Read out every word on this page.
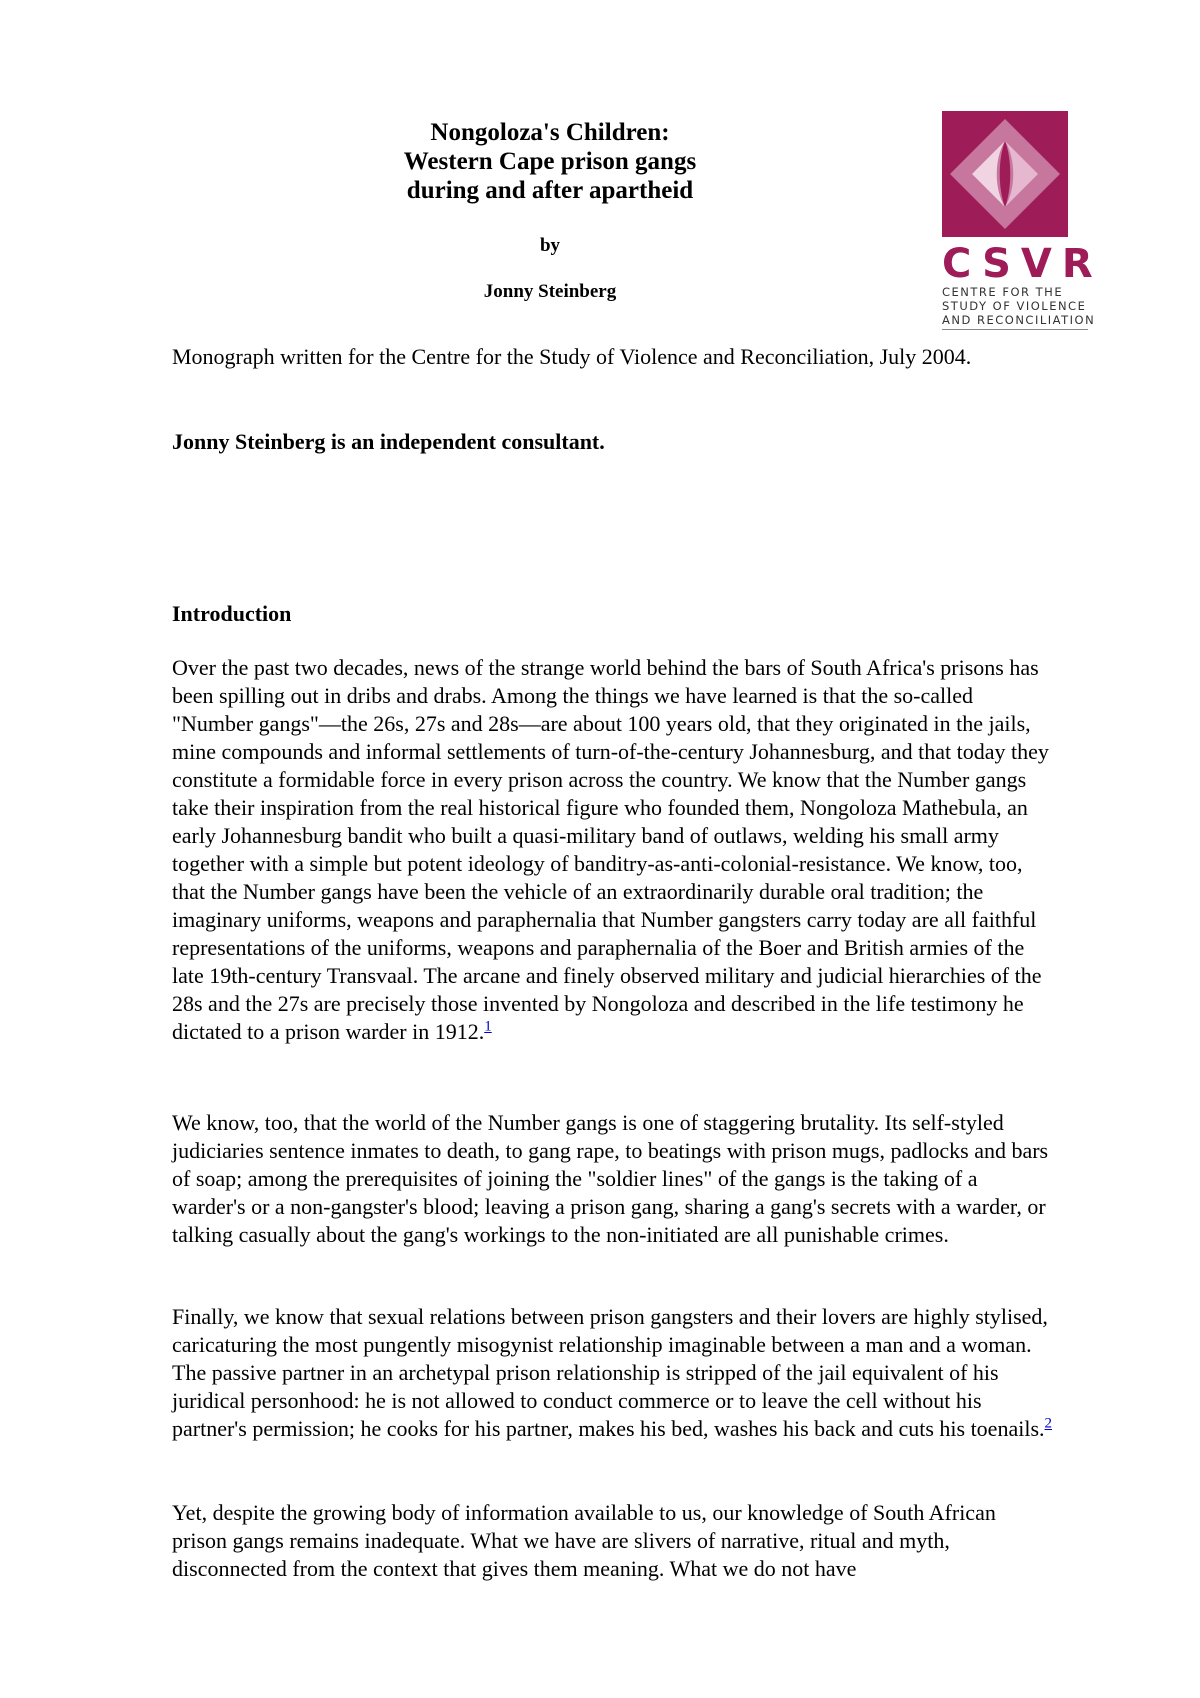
Nongoloza's Children:
Western Cape prison gangs
during and after apartheid
by
Jonny Steinberg
CSVR
CENTRE FOR THE
STUDY OF VIOLENCE
AND RECONCILIATION

Monograph written for the Centre for the Study of Violence and Reconciliation, July 2004.

Jonny Steinberg is an independent consultant.

Introduction

Over the past two decades, news of the strange world behind the bars of South Africa's prisons has been spilling out in dribs and drabs. Among the things we have learned is that the so-called "Number gangs"—the 26s, 27s and 28s—are about 100 years old, that they originated in the jails, mine compounds and informal settlements of turn-of-the-century Johannesburg, and that today they constitute a formidable force in every prison across the country. We know that the Number gangs take their inspiration from the real historical figure who founded them, Nongoloza Mathebula, an early Johannesburg bandit who built a quasi-military band of outlaws, welding his small army together with a simple but potent ideology of banditry-as-anti-colonial-resistance. We know, too, that the Number gangs have been the vehicle of an extraordinarily durable oral tradition; the imaginary uniforms, weapons and paraphernalia that Number gangsters carry today are all faithful representations of the uniforms, weapons and paraphernalia of the Boer and British armies of the late 19th-century Transvaal. The arcane and finely observed military and judicial hierarchies of the 28s and the 27s are precisely those invented by Nongoloza and described in the life testimony he dictated to a prison warder in 1912.$^1$

We know, too, that the world of the Number gangs is one of staggering brutality. Its self-styled judiciaries sentence inmates to death, to gang rape, to beatings with prison mugs, padlocks and bars of soap; among the prerequisites of joining the "soldier lines" of the gangs is the taking of a warder's or a non-gangster's blood; leaving a prison gang, sharing a gang's secrets with a warder, or talking casually about the gang's workings to the non-initiated are all punishable crimes.

Finally, we know that sexual relations between prison gangsters and their lovers are highly stylised, caricaturing the most pungently misogynist relationship imaginable between a man and a woman. The passive partner in an archetypal prison relationship is stripped of the jail equivalent of his juridical personhood: he is not allowed to conduct commerce or to leave the cell without his partner's permission; he cooks for his partner, makes his bed, washes his back and cuts his toenails.$^2$

Yet, despite the growing body of information available to us, our knowledge of South African prison gangs remains inadequate. What we have are slivers of narrative, ritual and myth, disconnected from the context that gives them meaning. What we do not have
